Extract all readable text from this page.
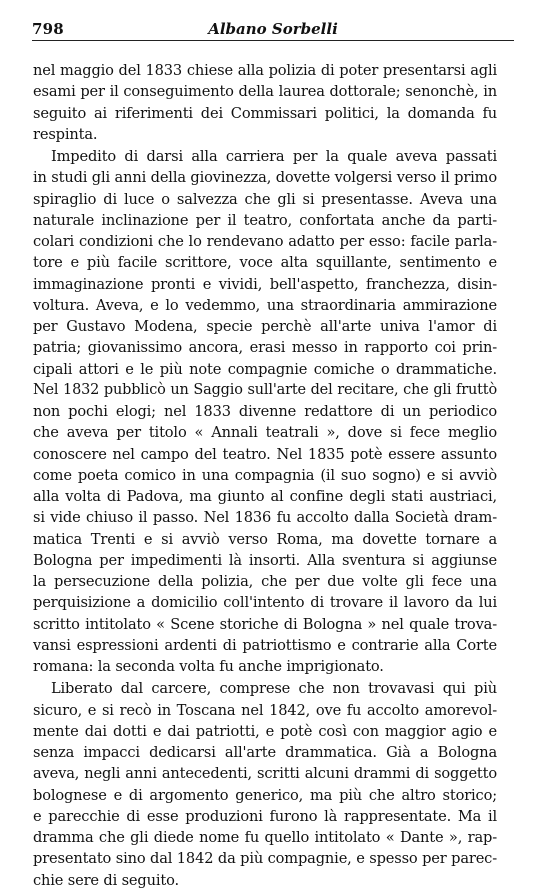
798	Albano Sorbelli
nel maggio del 1833 chiese alla polizia di poter presentarsi agli
esami per il conseguimento della laurea dottorale; senonchè, in
seguito ai riferimenti dei Commissari politici, la domanda fu
respinta.
Impedito di darsi alla carriera per la quale aveva passati
in studi gli anni della giovinezza, dovette volgersi verso il primo
spiraglio di luce o salvezza che gli si presentasse. Aveva una
naturale inclinazione per il teatro, confortata anche da parti-
colari condizioni che lo rendevano adatto per esso: facile parla-
tore e più facile scrittore, voce alta squillante, sentimento e
immaginazione pronti e vividi, bell'aspetto, franchezza, disin-
voltura. Aveva, e lo vedemmo, una straordinaria ammirazione
per Gustavo Modena, specie perchè all'arte univa l'amor di
patria; giovanissimo ancora, erasi messo in rapporto coi prin-
cipali attori e le più note compagnie comiche o drammatiche.
Nel 1832 pubblicò un Saggio sull'arte del recitare, che gli fruttò
non pochi elogi; nel 1833 divenne redattore di un periodico
che aveva per titolo « Annali teatrali », dove si fece meglio
conoscere nel campo del teatro. Nel 1835 potè essere assunto
come poeta comico in una compagnia (il suo sogno) e si avviò
alla volta di Padova, ma giunto al confine degli stati austriaci,
si vide chiuso il passo. Nel 1836 fu accolto dalla Società dram-
matica Trenti e si avviò verso Roma, ma dovette tornare a
Bologna per impedimenti là insorti. Alla sventura si aggiunse
la persecuzione della polizia, che per due volte gli fece una
perquisizione a domicilio coll'intento di trovare il lavoro da lui
scritto intitolato « Scene storiche di Bologna » nel quale trova-
vansi espressioni ardenti di patriottismo e contrarie alla Corte
romana: la seconda volta fu anche imprigionato.
Liberato dal carcere, comprese che non trovavasi qui più
sicuro, e si recò in Toscana nel 1842, ove fu accolto amorevol-
mente dai dotti e dai patriotti, e potè così con maggior agio e
senza impacci dedicarsi all'arte drammatica. Già a Bologna
aveva, negli anni antecedenti, scritti alcuni drammi di soggetto
bolognese e di argomento generico, ma più che altro storico;
e parecchie di esse produzioni furono là rappresentate. Ma il
dramma che gli diede nome fu quello intitolato « Dante », rap-
presentato sino dal 1842 da più compagnie, e spesso per parec-
chie sere di seguito.
